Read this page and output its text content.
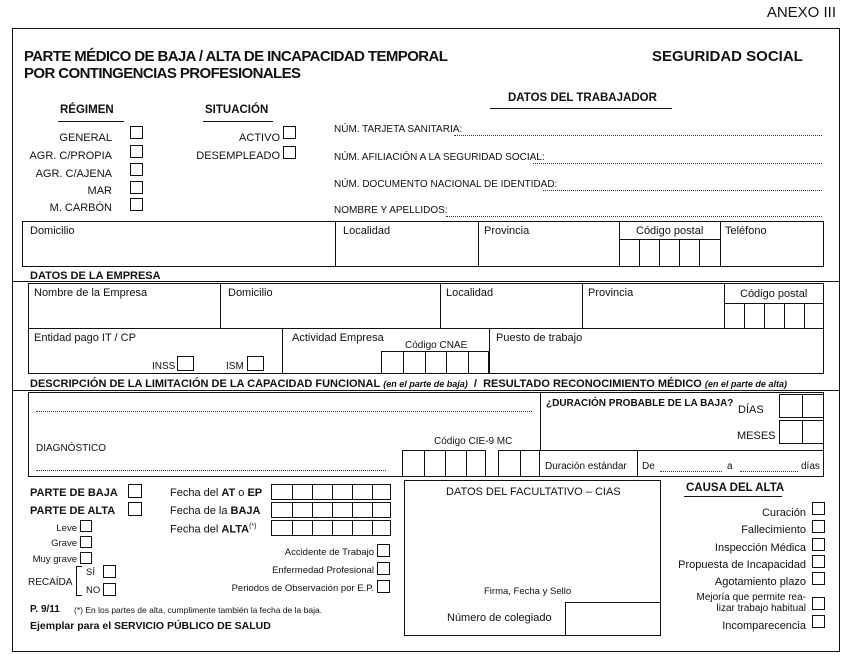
ANEXO III
PARTE MÉDICO DE BAJA / ALTA DE INCAPACIDAD TEMPORAL
POR CONTINGENCIAS PROFESIONALES
SEGURIDAD SOCIAL
RÉGIMEN
GENERAL
AGR. C/PROPIA
AGR. C/AJENA
MAR
M. CARBÓN
SITUACIÓN
ACTIVO
DESEMPLEADO
DATOS DEL TRABAJADOR
NÚM. TARJETA SANITARIA:
NÚM. AFILIACIÓN A LA SEGURIDAD SOCIAL:
NÚM. DOCUMENTO NACIONAL DE IDENTIDAD:
NOMBRE Y APELLIDOS:
Domicilio	Localidad	Provincia	Código postal Teléfono
DATOS DE LA EMPRESA
Nombre de la Empresa	Domicilio	Localidad	Provincia	Código postal
Entidad pago IT / CP
INSS	ISM
Actividad Empresa
Código CNAE
Puesto de trabajo
DESCRIPCIÓN DE LA LIMITACIÓN DE LA CAPACIDAD FUNCIONAL (en el parte de baja) / RESULTADO RECONOCIMIENTO MÉDICO (en el parte de alta)
DIAGNÓSTICO
Código CIE-9 MC
¿DURACIÓN PROBABLE DE LA BAJA?
DÍAS
MESES
Duración estándar De	a	días
PARTE DE BAJA
PARTE DE ALTA
Leve
Grave
Muy grave
RECAÍDA
SÍ
NO
Fecha del AT o EP
Fecha de la BAJA
Fecha del ALTA(*)
Accidente de Trabajo
Enfermedad Profesional
Periodos de Observación por E.P.
DATOS DEL FACULTATIVO – CIAS
Firma, Fecha y Sello
Número de colegiado
CAUSA DEL ALTA
Curación
Fallecimiento
Inspección Médica
Propuesta de Incapacidad
Agotamiento plazo
Mejoría que permite rea-
lizar trabajo habitual
Incomparecencia
P. 9/11 (*) En los partes de alta, cumplimente también la fecha de la baja.
Ejemplar para el SERVICIO PÚBLICO DE SALUD
